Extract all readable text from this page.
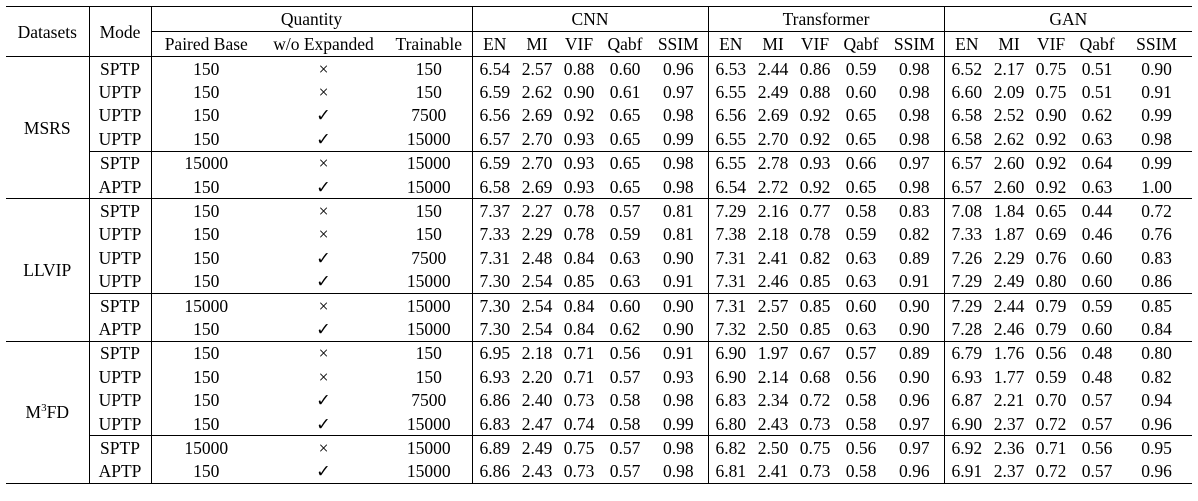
Datasets	Mode	Quantity			CNN					Transformer					GAN				
		Paired Base	w/o Expanded	Trainable	EN	MI	VIF	Qabf	SSIM	EN	MI	VIF	Qabf	SSIM	EN	MI	VIF	Qabf	SSIM
MSRS	SPTP	150	×	150	6.54	2.57	0.88	0.60	0.96	6.53	2.44	0.86	0.59	0.98	6.52	2.17	0.75	0.51	0.90
	UPTP	150	×	150	6.59	2.62	0.90	0.61	0.97	6.55	2.49	0.88	0.60	0.98	6.60	2.09	0.75	0.51	0.91
	UPTP	150	✓	7500	6.56	2.69	0.92	0.65	0.98	6.56	2.69	0.92	0.65	0.98	6.58	2.52	0.90	0.62	0.99
	UPTP	150	✓	15000	6.57	2.70	0.93	0.65	0.99	6.55	2.70	0.92	0.65	0.98	6.58	2.62	0.92	0.63	0.98
	SPTP	15000	×	15000	6.59	2.70	0.93	0.65	0.98	6.55	2.78	0.93	0.66	0.97	6.57	2.60	0.92	0.64	0.99
	APTP	150	✓	15000	6.58	2.69	0.93	0.65	0.98	6.54	2.72	0.92	0.65	0.98	6.57	2.60	0.92	0.63	1.00
LLVIP	SPTP	150	×	150	7.37	2.27	0.78	0.57	0.81	7.29	2.16	0.77	0.58	0.83	7.08	1.84	0.65	0.44	0.72
	UPTP	150	×	150	7.33	2.29	0.78	0.59	0.81	7.38	2.18	0.78	0.59	0.82	7.33	1.87	0.69	0.46	0.76
	UPTP	150	✓	7500	7.31	2.48	0.84	0.63	0.90	7.31	2.41	0.82	0.63	0.89	7.26	2.29	0.76	0.60	0.83
	UPTP	150	✓	15000	7.30	2.54	0.85	0.63	0.91	7.31	2.46	0.85	0.63	0.91	7.29	2.49	0.80	0.60	0.86
	SPTP	15000	×	15000	7.30	2.54	0.84	0.60	0.90	7.31	2.57	0.85	0.60	0.90	7.29	2.44	0.79	0.59	0.85
	APTP	150	✓	15000	7.30	2.54	0.84	0.62	0.90	7.32	2.50	0.85	0.63	0.90	7.28	2.46	0.79	0.60	0.84
$M^3FD$	SPTP	150	×	150	6.95	2.18	0.71	0.56	0.91	6.90	1.97	0.67	0.57	0.89	6.79	1.76	0.56	0.48	0.80
	UPTP	150	×	150	6.93	2.20	0.71	0.57	0.93	6.90	2.14	0.68	0.56	0.90	6.93	1.77	0.59	0.48	0.82
	UPTP	150	✓	7500	6.86	2.40	0.73	0.58	0.98	6.83	2.34	0.72	0.58	0.96	6.87	2.21	0.70	0.57	0.94
	UPTP	150	✓	15000	6.83	2.47	0.74	0.58	0.99	6.80	2.43	0.73	0.58	0.97	6.90	2.37	0.72	0.57	0.96
	SPTP	15000	×	15000	6.89	2.49	0.75	0.57	0.98	6.82	2.50	0.75	0.56	0.97	6.92	2.36	0.71	0.56	0.95
	APTP	150	✓	15000	6.86	2.43	0.73	0.57	0.98	6.81	2.41	0.73	0.58	0.96	6.91	2.37	0.72	0.57	0.96
